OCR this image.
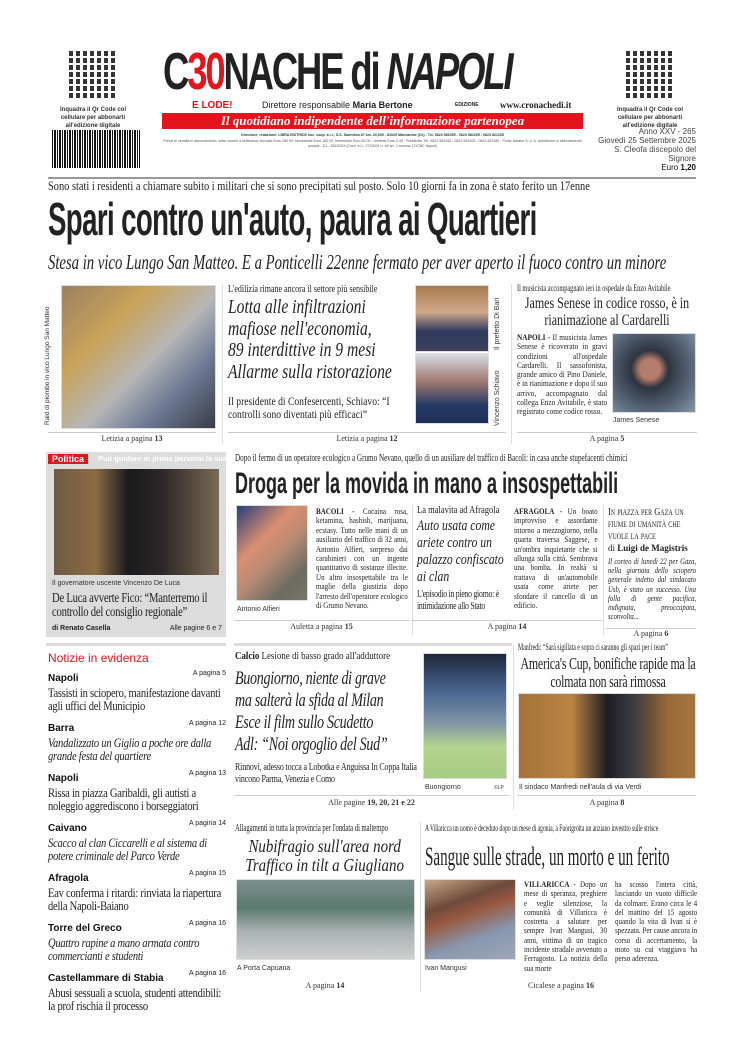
Inquadra il Qr Code col cellulare per abbonarti all'edizione digitale
C30NACHE di NAPOLI
EDIZIONE
E LODE!	Direttore responsabile Maria Bertone	www.cronachedi.it
Il quotidiano indipendente dell'informazione partenopea
Direzione, redazione: LIBRA EDITRICE soc. coop. a r.l., S.S. Sannitica 87 km. 20,600 - 81025 Marcianise (Ce) - Tel. 0823 581055 - 0823 581005 - 0823 821165
Prezzi di vendita in abbonamento: sette numeri a settimana: annuale Euro 280,00; semestrale Euro 150,00; trimestrale Euro 80,00 - Arretrati Euro 2,40 - Pubblicità: Tel. 0823 581055 - 0823 581005 - 0823 821165 - Poste Italiane S. p. A. spedizione in abbonamento postale - D.L. 353/2003 (Conv. in L. 27/02/04 n. 46 art. 1 comma 1 DCBC Napoli)
Inquadra il Qr Code col cellulare per abbonarti all'edizione digitale
Anno XXV - 265
Giovedì 25 Settembre 2025
S. Cleofa discepolo del Signore
Euro 1,20
Sono stati i residenti a chiamare subito i militari che si sono precipitati sul posto. Solo 10 giorni fa in zona è stato ferito un 17enne
Spari contro un'auto, paura ai Quartieri
Stesa in vico Lungo San Matteo. E a Ponticelli 22enne fermato per aver aperto il fuoco contro un minore
Raid di piombo in vico Lungo San Matteo
Letizia a pagina 13
L'edilizia rimane ancora il settore più sensibile
Lotta alle infiltrazioni
mafiose nell'economia,
89 interdittive in 9 mesi
Allarme sulla ristorazione
Il presidente di Confesercenti, Schiavo: “I controlli sono diventati più efficaci”
Il prefetto Di Bari
Vincenzo Schiavo
Letizia a pagina 12
Il musicista accompagnato ieri in ospedale da Enzo Avitabile
James Senese in codice rosso, è in rianimazione al Cardarelli
NAPOLI - Il musicista James Senese è ricoverato in gravi condizioni all'ospedale Cardarelli. Il sassofonista, grande amico di Pino Daniele, è in rianimazione e dopo il suo arrivo, accompagnato dal collega Enzo Avitabile, è stato registrato come codice rosso.
James Senese
A pagina 5
Politica	Può guidare in prima persona la sua lista
Il governatore uscente Vincenzo De Luca
De Luca avverte Fico: “Manterremo il controllo del consiglio regionale”
di Renato Casella	Alle pagine 6 e 7
Dopo il fermo di un operatore ecologico a Grumo Nevano, quello di un ausiliare del traffico di Bacoli: in casa anche stupefacenti chimici
Droga per la movida in mano a insospettabili
Antonio Alfieri
BACOLI - Cocaina rosa, ketamina, hashish, marijuana, ecstasy. Tutto nelle mani di un ausiliario del traffico di 32 anni, Antonio Alfieri, sorpreso dai carabinieri con un ingente quantitativo di sostanze illecite. Un altro insospettabile tra le maglie della giustizia dopo l'arresto dell'operatore ecologico di Grumo Nevano.
Auletta a pagina 15
La malavita ad Afragola
Auto usata come ariete contro un palazzo confiscato ai clan
L'episodio in pieno giorno: è intimidazione allo Stato
AFRAGOLA - Un boato improvviso e assordante intorno a mezzogiorno, nella quarta traversa Saggese, e un'ombra inquietante che si allunga sulla città. Sembrava una bomba. In realtà si trattava di un'automobile usata come ariete per sfondare il cancello di un edificio.
A pagina 14
In piazza per Gaza un fiume di umanità che vuole la pace
di Luigi de Magistris
Il corteo di lunedì 22 per Gaza, nella giornata dello sciopero generale indetto dal sindacato Usb, è stato un successo. Una folla di gente pacifica, indignata, preoccupata, sconvolta...
A pagina 6
Notizie in evidenza
Napoli	A pagina 5
Tassisti in sciopero, manifestazione davanti agli uffici del Municipio
Barra	A pagina 12
Vandalizzato un Giglio a poche ore dalla grande festa del quartiere
Napoli	A pagina 13
Rissa in piazza Garibaldi, gli autisti a noleggio aggrediscono i borseggiatori
Caivano	A pagina 14
Scacco al clan Ciccarelli e al sistema di potere criminale del Parco Verde
Afragola	A pagina 15
Eav conferma i ritardi: rinviata la riapertura della Napoli-Baiano
Torre del Greco	A pagina 16
Quattro rapine a mano armata contro commercianti e studenti
Castellammare di Stabia	A pagina 16
Abusi sessuali a scuola, studenti attendibili: la prof rischia il processo
Calcio Lesione di basso grado all'adduttore
Buongiorno, niente di grave
ma salterà la sfida al Milan
Esce il film sullo Scudetto
Adl: “Noi orgoglio del Sud”
Rinnovi, adesso tocca a Lobotka e Anguissa In Coppa Italia vincono Parma, Venezia e Como
Buongiorno	©LP
Alle pagine 19, 20, 21 e 22
Manfredi: “Sarà sigillata e sopra ci saranno gli spazi per i team”
America's Cup, bonifiche rapide ma la colmata non sarà rimossa
Il sindaco Manfredi nell'aula di via Verdi
A pagina 8
Allagamenti in tutta la provincia per l'ondata di maltempo
Nubifragio sull'area nord
Traffico in tilt a Giugliano
A Porta Capuana
A pagina 14
A Villaricca un uomo è deceduto dopo un mese di agonia, a Fuorigrotta un anziano investito sulle strisce
Sangue sulle strade, un morto e un ferito
Ivan Mangusi
VILLARICCA - Dopo un mese di speranza, preghiere e veglie silenziose, la comunità di Villaricca è costretta a salutare per sempre Ivan Mangusi, 30 anni, vittima di un tragico incidente stradale avvenuto a Ferragosto. La notizia della sua morte
ha scosso l'intera città, lasciando un vuoto difficile da colmare. Erano circa le 4 del mattino del 15 agosto quando la vita di Ivan si è spezzata. Per cause ancora in corso di accertamento, la moto su cui viaggiava ha perso aderenza.
Cicalese a pagina 16
